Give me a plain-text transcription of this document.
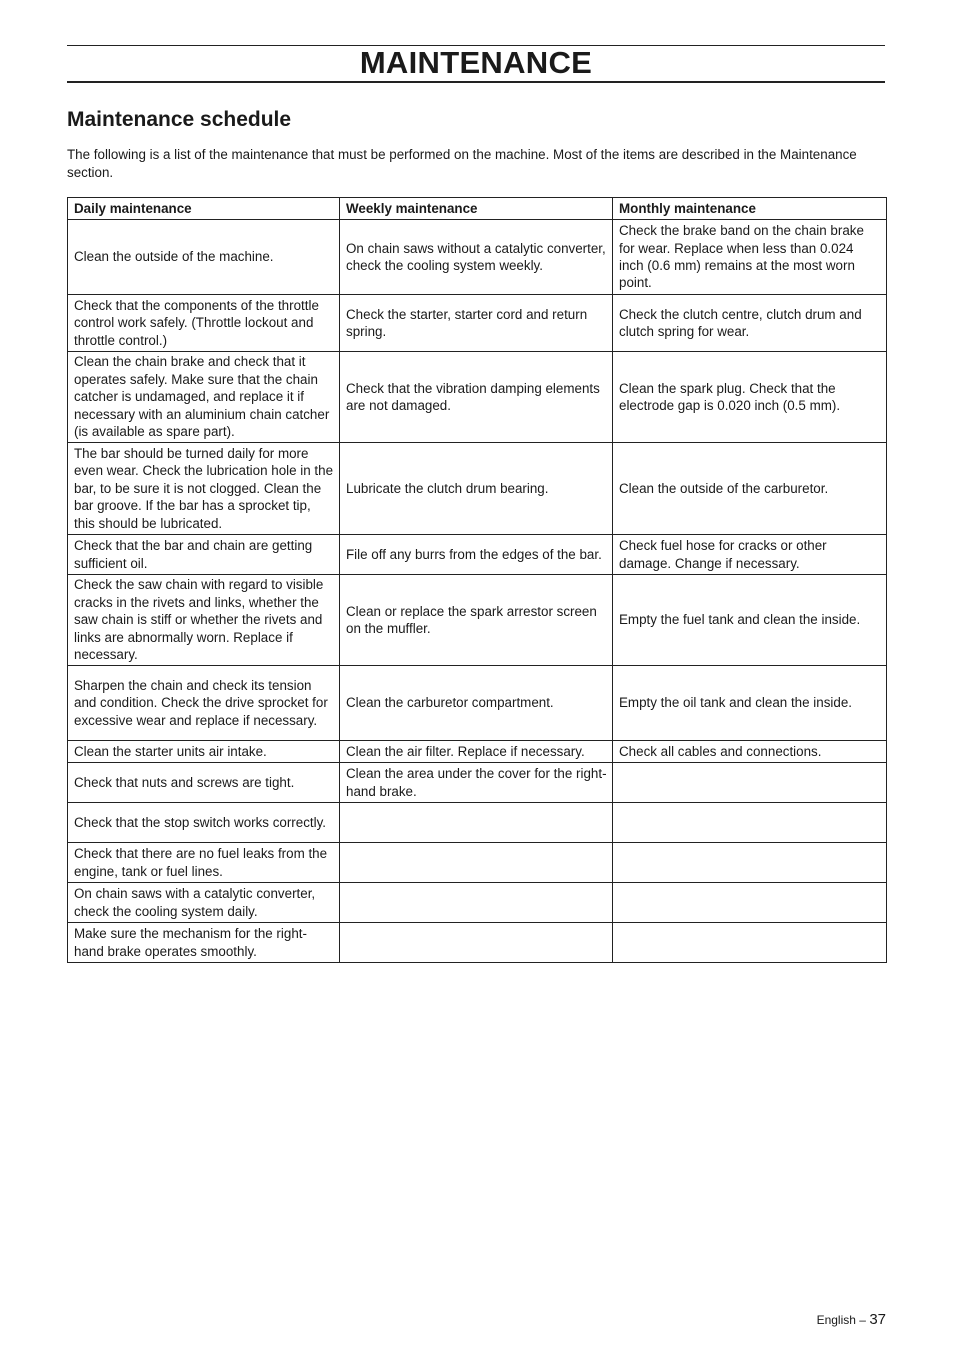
MAINTENANCE
Maintenance schedule
The following is a list of the maintenance that must be performed on the machine. Most of the items are described in the Maintenance section.
Daily maintenance	Weekly maintenance	Monthly maintenance
Clean the outside of the machine.	On chain saws without a catalytic converter, check the cooling system weekly.	Check the brake band on the chain brake for wear. Replace when less than 0.024 inch (0.6 mm) remains at the most worn point.
Check that the components of the throttle control work safely. (Throttle lockout and throttle control.)	Check the starter, starter cord and return spring.	Check the clutch centre, clutch drum and clutch spring for wear.
Clean the chain brake and check that it operates safely. Make sure that the chain catcher is undamaged, and replace it if necessary with an aluminium chain catcher (is available as spare part).	Check that the vibration damping elements are not damaged.	Clean the spark plug. Check that the electrode gap is 0.020 inch (0.5 mm).
The bar should be turned daily for more even wear. Check the lubrication hole in the bar, to be sure it is not clogged. Clean the bar groove. If the bar has a sprocket tip, this should be lubricated.	Lubricate the clutch drum bearing.	Clean the outside of the carburetor.
Check that the bar and chain are getting sufficient oil.	File off any burrs from the edges of the bar.	Check fuel hose for cracks or other damage. Change if necessary.
Check the saw chain with regard to visible cracks in the rivets and links, whether the saw chain is stiff or whether the rivets and links are abnormally worn. Replace if necessary.	Clean or replace the spark arrestor screen on the muffler.	Empty the fuel tank and clean the inside.
Sharpen the chain and check its tension and condition. Check the drive sprocket for excessive wear and replace if necessary.	Clean the carburetor compartment.	Empty the oil tank and clean the inside.
Clean the starter units air intake.	Clean the air filter. Replace if necessary.	Check all cables and connections.
Check that nuts and screws are tight.	Clean the area under the cover for the right-hand brake.	
Check that the stop switch works correctly.		
Check that there are no fuel leaks from the engine, tank or fuel lines.		
On chain saws with a catalytic converter, check the cooling system daily.		
Make sure the mechanism for the right-hand brake operates smoothly.		
English – 37
